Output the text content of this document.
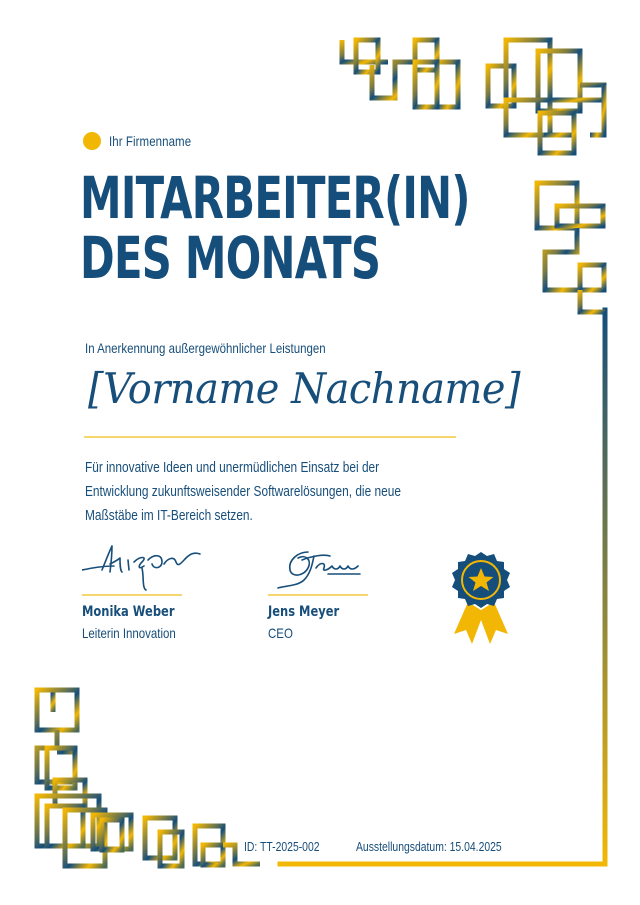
Ihr Firmenname
MITARBEITER(IN)
DES MONATS
In Anerkennung außergewöhnlicher Leistungen
[Vorname Nachname]
Für innovative Ideen und unermüdlichen Einsatz bei der Entwicklung zukunftsweisender Softwarelösungen, die neue Maßstäbe im IT-Bereich setzen.
Monika Weber
Leiterin Innovation
Jens Meyer
CEO
ID: TT-2025-002	Ausstellungsdatum: 15.04.2025
